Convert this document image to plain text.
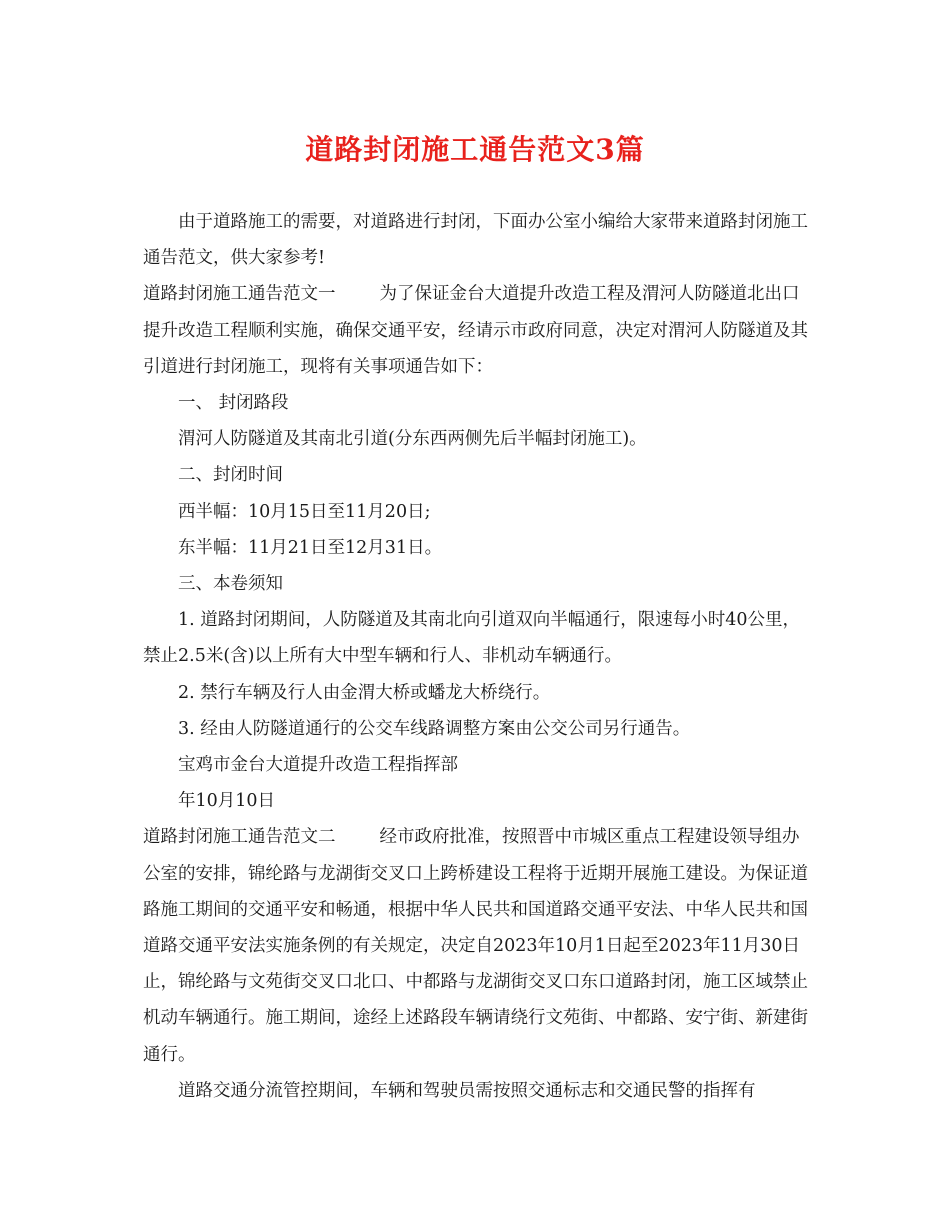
道路封闭施工通告范文3篇

由于道路施工的需要，对道路进行封闭，下面办公室小编给大家带来道路封闭施工通告范文，供大家参考!

道路封闭施工通告范文一	为了保证金台大道提升改造工程及渭河人防隧道北出口提升改造工程顺利实施，确保交通平安，经请示市政府同意，决定对渭河人防隧道及其引道进行封闭施工，现将有关事项通告如下：

一、 封闭路段

渭河人防隧道及其南北引道(分东西两侧先后半幅封闭施工)。

二、封闭时间

西半幅：10月15日至11月20日;

东半幅：11月21日至12月31日。

三、本卷须知

1. 道路封闭期间，人防隧道及其南北向引道双向半幅通行，限速每小时40公里，禁止2.5米(含)以上所有大中型车辆和行人、非机动车辆通行。

2. 禁行车辆及行人由金渭大桥或蟠龙大桥绕行。

3. 经由人防隧道通行的公交车线路调整方案由公交公司另行通告。

宝鸡市金台大道提升改造工程指挥部

年10月10日

道路封闭施工通告范文二	经市政府批准，按照晋中市城区重点工程建设领导组办公室的安排，锦纶路与龙湖街交叉口上跨桥建设工程将于近期开展施工建设。为保证道路施工期间的交通平安和畅通，根据中华人民共和国道路交通平安法、中华人民共和国道路交通平安法实施条例的有关规定，决定自2023年10月1日起至2023年11月30日止，锦纶路与文苑街交叉口北口、中都路与龙湖街交叉口东口道路封闭，施工区域禁止机动车辆通行。施工期间，途经上述路段车辆请绕行文苑街、中都路、安宁街、新建街通行。

道路交通分流管控期间，车辆和驾驶员需按照交通标志和交通民警的指挥有
